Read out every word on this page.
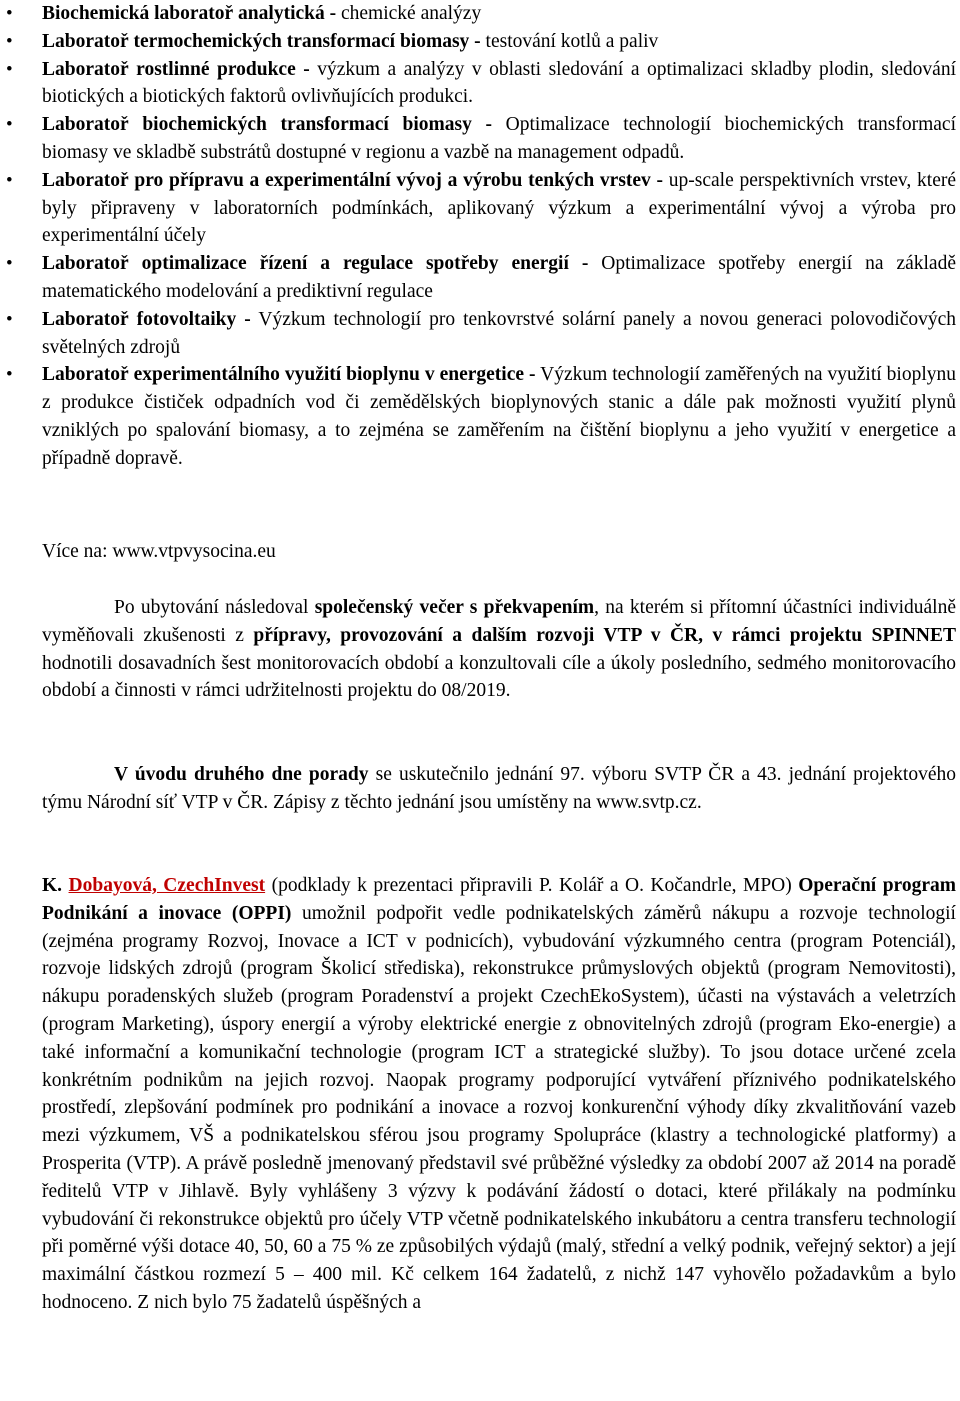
• Biochemická laboratoř analytická - chemické analýzy
• Laboratoř termochemických transformací biomasy - testování kotlů a paliv
• Laboratoř rostlinné produkce - výzkum a analýzy v oblasti sledování a optimalizaci skladby plodin, sledování biotických a biotických faktorů ovlivňujících produkci.
• Laboratoř biochemických transformací biomasy - Optimalizace technologií biochemických transformací biomasy ve skladbě substrátů dostupné v regionu a vazbě na management odpadů.
• Laboratoř pro přípravu a experimentální vývoj a výrobu tenkých vrstev - up-scale perspektivních vrstev, které byly připraveny v laboratorních podmínkách, aplikovaný výzkum a experimentální vývoj a výroba pro experimentální účely
• Laboratoř optimalizace řízení a regulace spotřeby energií - Optimalizace spotřeby energií na základě matematického modelování a prediktivní regulace
• Laboratoř fotovoltaiky - Výzkum technologií pro tenkovrstvé solární panely a novou generaci polovodičových světelných zdrojů
• Laboratoř experimentálního využití bioplynu v energetice - Výzkum technologií zaměřených na využití bioplynu z produkce čističek odpadních vod či zemědělských bioplynových stanic a dále pak možnosti využití plynů vzniklých po spalování biomasy, a to zejména se zaměřením na čištění bioplynu a jeho využití v energetice a případně dopravě.

Více na: www.vtpvysocina.eu

Po ubytování následoval společenský večer s překvapením, na kterém si přítomní účastníci individuálně vyměňovali zkušenosti z přípravy, provozování a dalším rozvoji VTP v ČR, v rámci projektu SPINNET hodnotili dosavadních šest monitorovacích období a konzultovali cíle a úkoly posledního, sedmého monitorovacího období a činnosti v rámci udržitelnosti projektu do 08/2019.

V úvodu druhého dne porady se uskutečnilo jednání 97. výboru SVTP ČR a 43. jednání projektového týmu Národní síť VTP v ČR. Zápisy z těchto jednání jsou umístěny na www.svtp.cz.

K. Dobayová, CzechInvest (podklady k prezentaci připravili P. Kolář a O. Kočandrle, MPO) Operační program Podnikání a inovace (OPPI) umožnil podpořit vedle podnikatelských záměrů nákupu a rozvoje technologií (zejména programy Rozvoj, Inovace a ICT v podnicích), vybudování výzkumného centra (program Potenciál), rozvoje lidských zdrojů (program Školicí střediska), rekonstrukce průmyslových objektů (program Nemovitosti), nákupu poradenských služeb (program Poradenství a projekt CzechEkoSystem), účasti na výstavách a veletrzích (program Marketing), úspory energií a výroby elektrické energie z obnovitelných zdrojů (program Eko-energie) a také informační a komunikační technologie (program ICT a strategické služby). To jsou dotace určené zcela konkrétním podnikům na jejich rozvoj. Naopak programy podporující vytváření příznivého podnikatelského prostředí, zlepšování podmínek pro podnikání a inovace a rozvoj konkurenční výhody díky zkvalitňování vazeb mezi výzkumem, VŠ a podnikatelskou sférou jsou programy Spolupráce (klastry a technologické platformy) a Prosperita (VTP). A právě posledně jmenovaný představil své průběžné výsledky za období 2007 až 2014 na poradě ředitelů VTP v Jihlavě. Byly vyhlášeny 3 výzvy k podávání žádostí o dotaci, které přilákaly na podmínku vybudování či rekonstrukce objektů pro účely VTP včetně podnikatelského inkubátoru a centra transferu technologií při poměrné výši dotace 40, 50, 60 a 75 % ze způsobilých výdajů (malý, střední a velký podnik, veřejný sektor) a její maximální částkou rozmezí 5 – 400 mil. Kč celkem 164 žadatelů, z nichž 147 vyhovělo požadavkům a bylo hodnoceno. Z nich bylo 75 žadatelů úspěšných a
